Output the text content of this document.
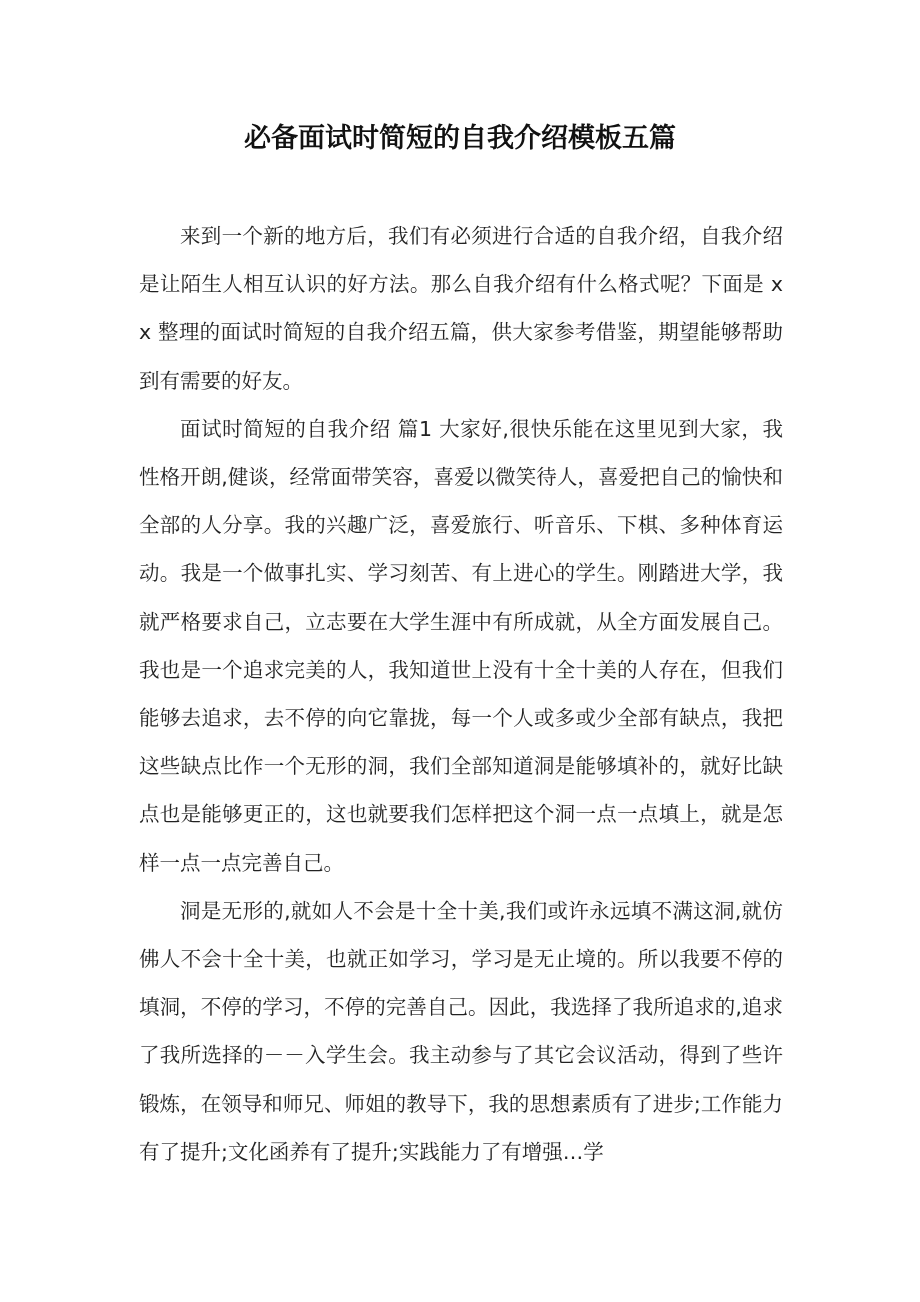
必备面试时简短的自我介绍模板五篇

来到一个新的地方后，我们有必须进行合适的自我介绍，自我介绍是让陌生人相互认识的好方法。那么自我介绍有什么格式呢？下面是 xx 整理的面试时简短的自我介绍五篇，供大家参考借鉴，期望能够帮助到有需要的好友。

面试时简短的自我介绍 篇1 大家好,很快乐能在这里见到大家，我性格开朗,健谈，经常面带笑容，喜爱以微笑待人，喜爱把自己的愉快和全部的人分享。我的兴趣广泛，喜爱旅行、听音乐、下棋、多种体育运动。我是一个做事扎实、学习刻苦、有上进心的学生。刚踏进大学，我就严格要求自己，立志要在大学生涯中有所成就，从全方面发展自己。我也是一个追求完美的人，我知道世上没有十全十美的人存在，但我们能够去追求，去不停的向它靠拢，每一个人或多或少全部有缺点，我把这些缺点比作一个无形的洞，我们全部知道洞是能够填补的，就好比缺点也是能够更正的，这也就要我们怎样把这个洞一点一点填上，就是怎样一点一点完善自己。

洞是无形的,就如人不会是十全十美,我们或许永远填不满这洞,就仿佛人不会十全十美，也就正如学习，学习是无止境的。所以我要不停的填洞，不停的学习，不停的完善自己。因此，我选择了我所追求的,追求了我所选择的－－入学生会。我主动参与了其它会议活动，得到了些许锻炼，在领导和师兄、师姐的教导下，我的思想素质有了进步;工作能力有了提升;文化函养有了提升;实践能力了有增强…学
